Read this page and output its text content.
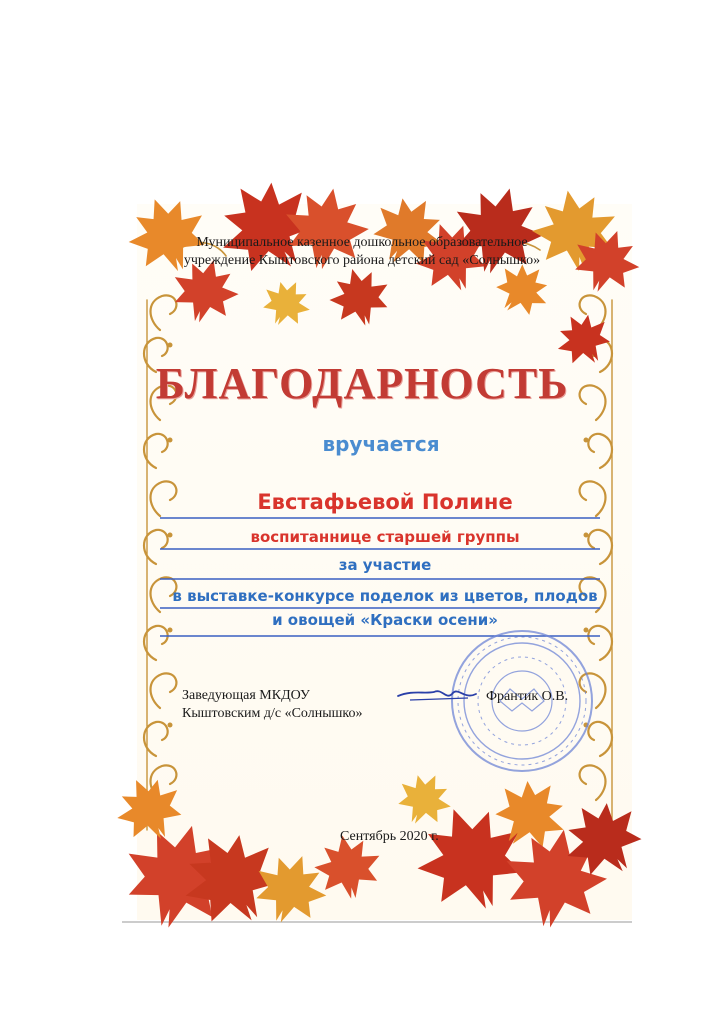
Муниципальное казенное дошкольное образовательное

учреждение Кыштовского района детский сад «Солнышко»

БЛАГОДАРНОСТЬ

вручается

Евстафьевой Полине

воспитаннице старшей группы

за участие

в выставке-конкурсе поделок из цветов, плодов

и овощей «Краски осени»

Заведующая МКДОУ

Кыштовским д/с «Солнышко»

Франтик О.В.

Сентябрь 2020 г.
